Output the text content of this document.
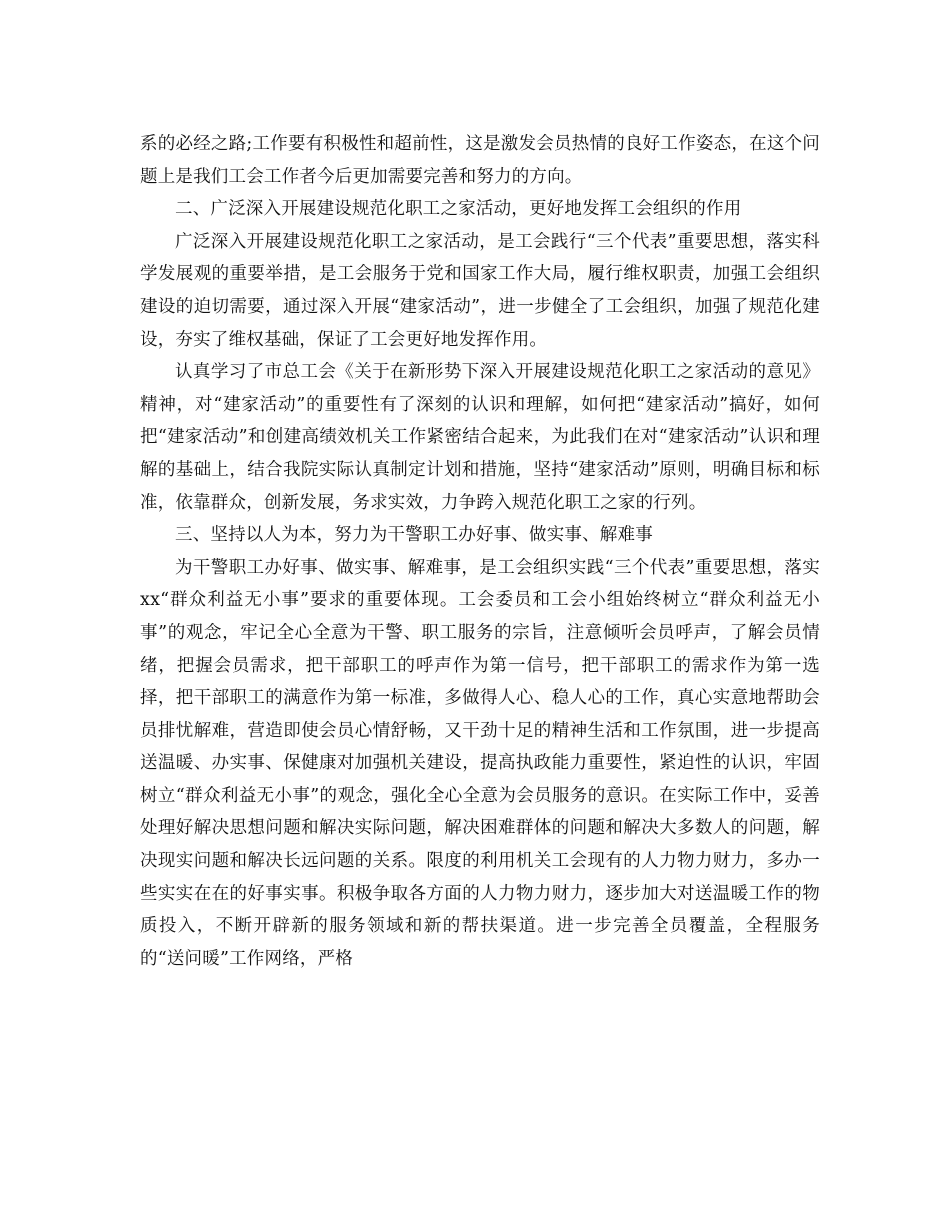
系的必经之路;工作要有积极性和超前性，这是激发会员热情的良好工作姿态，在这个问题上是我们工会工作者今后更加需要完善和努力的方向。

二、广泛深入开展建设规范化职工之家活动，更好地发挥工会组织的作用

广泛深入开展建设规范化职工之家活动，是工会践行“三个代表”重要思想，落实科学发展观的重要举措，是工会服务于党和国家工作大局，履行维权职责，加强工会组织建设的迫切需要，通过深入开展“建家活动”，进一步健全了工会组织，加强了规范化建设，夯实了维权基础，保证了工会更好地发挥作用。

认真学习了市总工会《关于在新形势下深入开展建设规范化职工之家活动的意见》精神，对“建家活动”的重要性有了深刻的认识和理解，如何把“建家活动”搞好，如何把“建家活动”和创建高绩效机关工作紧密结合起来，为此我们在对“建家活动”认识和理解的基础上，结合我院实际认真制定计划和措施，坚持“建家活动”原则，明确目标和标准，依靠群众，创新发展，务求实效，力争跨入规范化职工之家的行列。

三、坚持以人为本，努力为干警职工办好事、做实事、解难事

为干警职工办好事、做实事、解难事，是工会组织实践“三个代表”重要思想，落实xx“群众利益无小事”要求的重要体现。工会委员和工会小组始终树立“群众利益无小事”的观念，牢记全心全意为干警、职工服务的宗旨，注意倾听会员呼声，了解会员情绪，把握会员需求，把干部职工的呼声作为第一信号，把干部职工的需求作为第一选择，把干部职工的满意作为第一标准，多做得人心、稳人心的工作，真心实意地帮助会员排忧解难，营造即使会员心情舒畅，又干劲十足的精神生活和工作氛围，进一步提高送温暖、办实事、保健康对加强机关建设，提高执政能力重要性，紧迫性的认识，牢固树立“群众利益无小事”的观念，强化全心全意为会员服务的意识。在实际工作中，妥善处理好解决思想问题和解决实际问题，解决困难群体的问题和解决大多数人的问题，解决现实问题和解决长远问题的关系。限度的利用机关工会现有的人力物力财力，多办一些实实在在的好事实事。积极争取各方面的人力物力财力，逐步加大对送温暖工作的物质投入，不断开辟新的服务领域和新的帮扶渠道。进一步完善全员覆盖，全程服务的“送问暖”工作网络，严格
